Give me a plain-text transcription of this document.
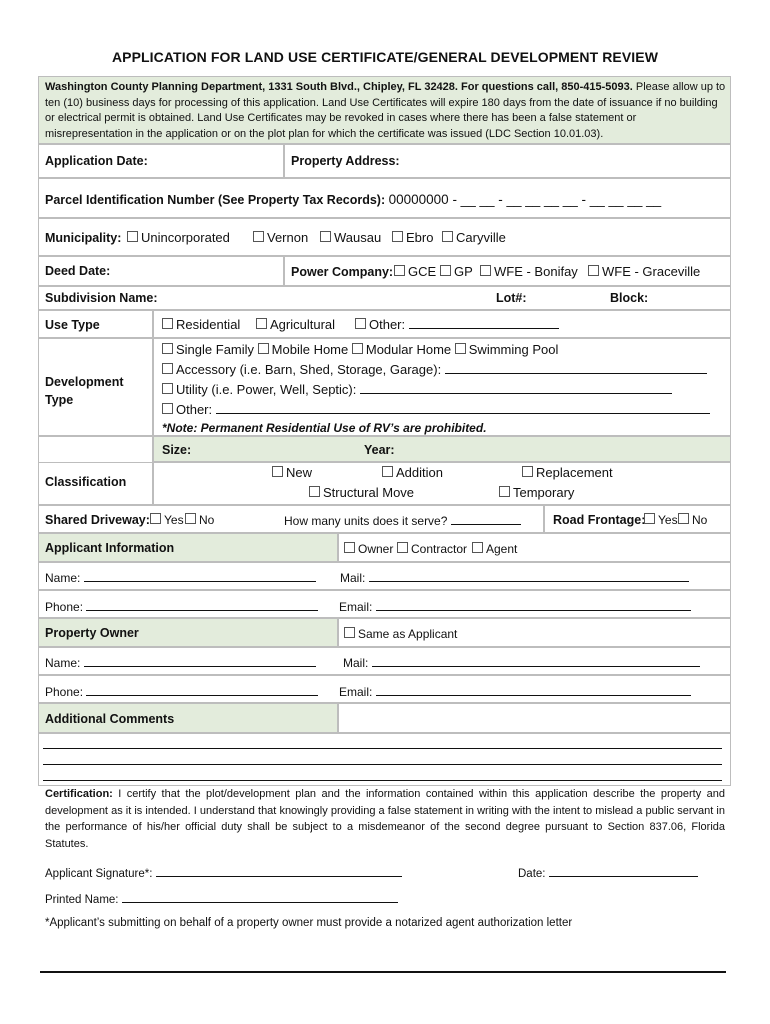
APPLICATION FOR LAND USE CERTIFICATE/GENERAL DEVELOPMENT REVIEW
Washington County Planning Department, 1331 South Blvd., Chipley, FL 32428. For questions call, 850-415-5093. Please allow up to ten (10) business days for processing of this application. Land Use Certificates will expire 180 days from the date of issuance if no building or electrical permit is obtained. Land Use Certificates may be revoked in cases where there has been a false statement or misrepresentation in the application or on the plot plan for which the certificate was issued (LDC Section 10.01.03).
Application Date:	Property Address:
Parcel Identification Number (See Property Tax Records): 00000000 - __ __ - __ __ __ __ - __ __ __ __
Municipality:	Unincorporated	Vernon	Wausau	Ebro	Caryville
Deed Date:	Power Company:	GCE	GP	WFE - Bonifay	WFE - Graceville
Subdivision Name:	Lot#:	Block:
Use Type	Residential	Agricultural	Other:
Development
Type
Single Family Mobile Home Modular Home Swimming Pool
Accessory (i.e. Barn, Shed, Storage, Garage):
Utility (i.e. Power, Well, Septic):
Other:
*Note: Permanent Residential Use of RV’s are prohibited.
Size:	Year:
Classification
New	Addition	Replacement
Structural Move	Temporary
Shared Driveway:	Yes	No	How many units does it serve?	Road Frontage:	Yes	No
Applicant Information	Owner	Contractor	Agent
Name:	Mail:
Phone:	Email:
Property Owner	Same as Applicant
Name:	Mail:
Phone:	Email:
Additional Comments
Certification: I certify that the plot/development plan and the information contained within this application describe the property and development as it is intended. I understand that knowingly providing a false statement in writing with the intent to mislead a public servant in the performance of his/her official duty shall be subject to a misdemeanor of the second degree pursuant to Section 837.06, Florida Statutes.
Applicant Signature*:	Date:
Printed Name:
*Applicant’s submitting on behalf of a property owner must provide a notarized agent authorization letter
